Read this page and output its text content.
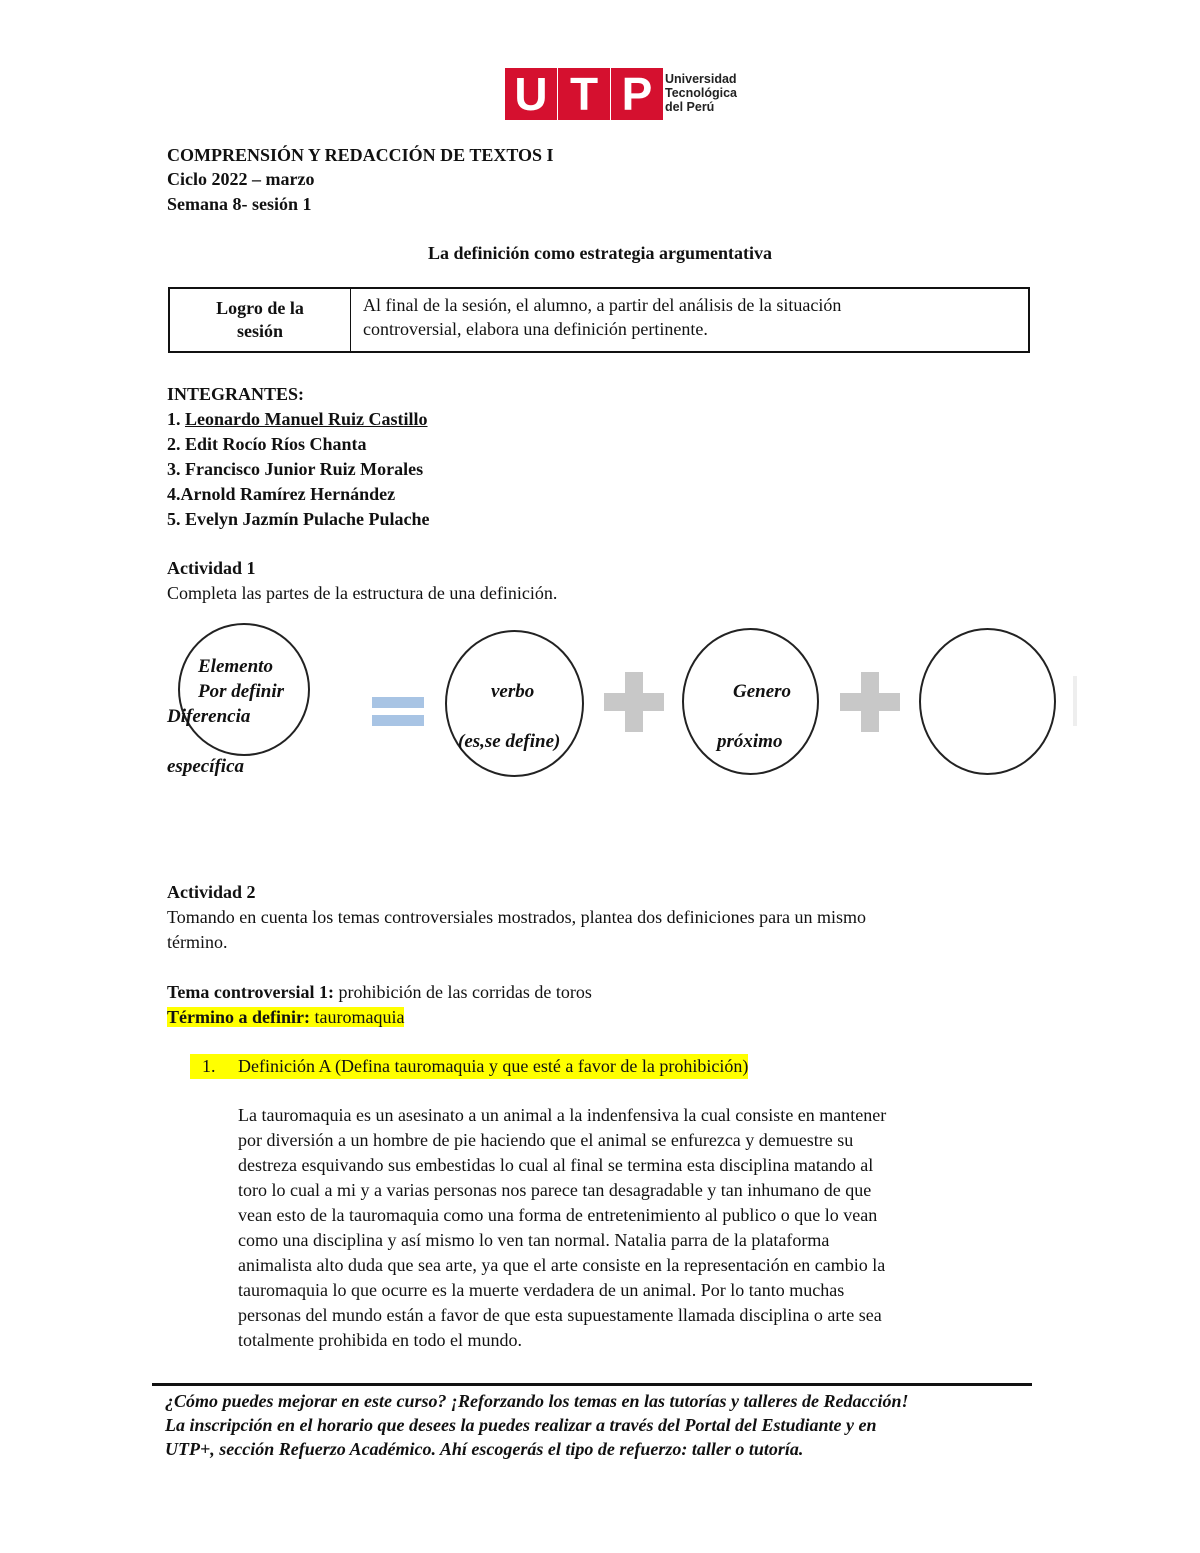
U T P	Universidad
Tecnológica
del Perú
COMPRENSIÓN Y REDACCIÓN DE TEXTOS I
Ciclo 2022 – marzo
Semana 8- sesión 1
La definición como estrategia argumentativa
Logro de la
sesión
Al final de la sesión, el alumno, a partir del análisis de la situación
controversial, elabora una definición pertinente.
INTEGRANTES:
1. Leonardo Manuel Ruiz Castillo
2. Edit Rocío Ríos Chanta
3. Francisco Junior Ruiz Morales
4.Arnold Ramírez Hernández
5. Evelyn Jazmín Pulache Pulache
Actividad 1
Completa las partes de la estructura de una definición.
Elemento
Por definir
Diferencia
específica
verbo
(es,se define)
Genero
próximo
Actividad 2
Tomando en cuenta los temas controversiales mostrados, plantea dos definiciones para un mismo
término.
Tema controversial 1: prohibición de las corridas de toros
Término a definir: tauromaquia
1. Definición A (Defina tauromaquia y que esté a favor de la prohibición)
La tauromaquia es un asesinato a un animal a la indenfensiva la cual consiste en mantener
por diversión a un hombre de pie haciendo que el animal se enfurezca y demuestre su
destreza esquivando sus embestidas lo cual al final se termina esta disciplina matando al
toro lo cual a mi y a varias personas nos parece tan desagradable y tan inhumano de que
vean esto de la tauromaquia como una forma de entretenimiento al publico o que lo vean
como una disciplina y así mismo lo ven tan normal. Natalia parra de la plataforma
animalista alto duda que sea arte, ya que el arte consiste en la representación en cambio la
tauromaquia lo que ocurre es la muerte verdadera de un animal. Por lo tanto muchas
personas del mundo están a favor de que esta supuestamente llamada disciplina o arte sea
totalmente prohibida en todo el mundo.
¿Cómo puedes mejorar en este curso? ¡Reforzando los temas en las tutorías y talleres de Redacción!
La inscripción en el horario que desees la puedes realizar a través del Portal del Estudiante y en
UTP+, sección Refuerzo Académico. Ahí escogerás el tipo de refuerzo: taller o tutoría.
